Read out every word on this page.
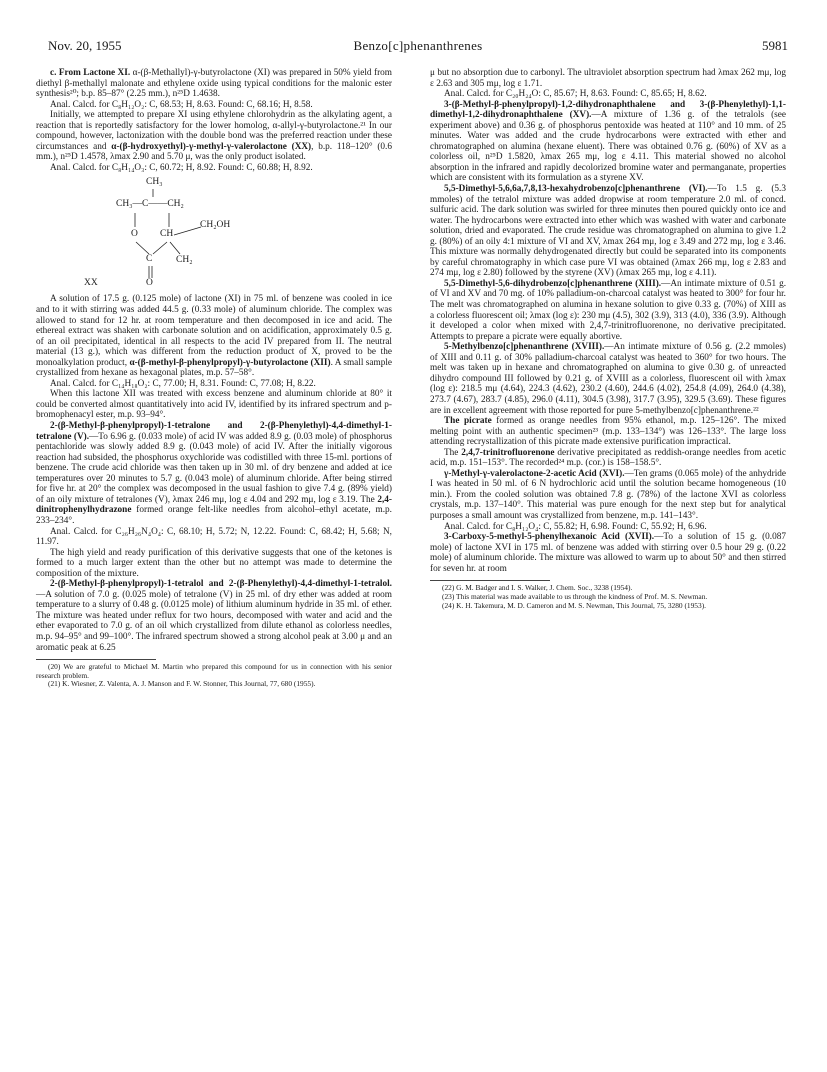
Nov. 20, 1955	Benzo[c]phenanthrenes	5981

c. From Lactone XI. α-(β-Methallyl)-γ-butyrolactone (XI) was prepared in 50% yield from diethyl β-methallyl malonate and ethylene oxide using typical conditions for the malonic ester synthesis²⁰; b.p. 85–87° (2.25 mm.), n²⁵D 1.4638.

Anal. Calcd. for C₈H₁₂O₂: C, 68.53; H, 8.63. Found: C, 68.16; H, 8.58.

Initially, we attempted to prepare XI using ethylene chlorohydrin as the alkylating agent, a reaction that is reportedly satisfactory for the lower homolog, α-allyl-γ-butyrolactone.²¹ In our compound, however, lactonization with the double bond was the preferred reaction under these circumstances and α-(β-hydroxyethyl)-γ-methyl-γ-valerolactone (XX), b.p. 118–120° (0.6 mm.), n²⁵D 1.4578, λmax 2.90 and 5.70 μ, was the only product isolated.

Anal. Calcd. for C₈H₁₄O₃: C, 60.72; H, 8.92. Found: C, 60.88; H, 8.92.

CH₃
CH₃—C——CH₂
O CH
CH₂OH
C CH₂
XX	O

A solution of 17.5 g. (0.125 mole) of lactone (XI) in 75 ml. of benzene was cooled in ice and to it with stirring was added 44.5 g. (0.33 mole) of aluminum chloride. The complex was allowed to stand for 12 hr. at room temperature and then decomposed in ice and acid. The ethereal extract was shaken with carbonate solution and on acidification, approximately 0.5 g. of an oil precipitated, identical in all respects to the acid IV prepared from II. The neutral material (13 g.), which was different from the reduction product of X, proved to be the monoalkylation product, α-(β-methyl-β-phenylpropyl)-γ-butyrolactone (XII). A small sample crystallized from hexane as hexagonal plates, m.p. 57–58°.

Anal. Calcd. for C₁₄H₁₈O₂: C, 77.00; H, 8.31. Found: C, 77.08; H, 8.22.

When this lactone XII was treated with excess benzene and aluminum chloride at 80° it could be converted almost quantitatively into acid IV, identified by its infrared spectrum and p-bromophenacyl ester, m.p. 93–94°.

2-(β-Methyl-β-phenylpropyl)-1-tetralone and 2-(β-Phenylethyl)-4,4-dimethyl-1-tetralone (V).—To 6.96 g. (0.033 mole) of acid IV was added 8.9 g. (0.03 mole) of phosphorus pentachloride was slowly added 8.9 g. (0.043 mole) of acid IV. After the initially vigorous reaction had subsided, the phosphorus oxychloride was codistilled with three 15-ml. portions of benzene. The crude acid chloride was then taken up in 30 ml. of dry benzene and added at ice temperatures over 20 minutes to 5.7 g. (0.043 mole) of aluminum chloride. After being stirred for five hr. at 20° the complex was decomposed in the usual fashion to give 7.4 g. (89% yield) of an oily mixture of tetralones (V), λmax 246 mμ, log ε 4.04 and 292 mμ, log ε 3.19. The 2,4-dinitrophenylhydrazone formed orange felt-like needles from alcohol–ethyl acetate, m.p. 233–234°.

Anal. Calcd. for C₂₆H₂₆N₄O₄: C, 68.10; H, 5.72; N, 12.22. Found: C, 68.42; H, 5.68; N, 11.97.

The high yield and ready purification of this derivative suggests that one of the ketones is formed to a much larger extent than the other but no attempt was made to determine the composition of the mixture.

2-(β-Methyl-β-phenylpropyl)-1-tetralol and 2-(β-Phenylethyl)-4,4-dimethyl-1-tetralol.—A solution of 7.0 g. (0.025 mole) of tetralone (V) in 25 ml. of dry ether was added at room temperature to a slurry of 0.48 g. (0.0125 mole) of lithium aluminum hydride in 35 ml. of ether. The mixture was heated under reflux for two hours, decomposed with water and acid and the ether evaporated to 7.0 g. of an oil which crystallized from dilute ethanol as colorless needles, m.p. 94–95° and 99–100°. The infrared spectrum showed a strong alcohol peak at 3.00 μ and an aromatic peak at 6.25

(20) We are grateful to Michael M. Martin who prepared this compound for us in connection with his senior research problem.

(21) K. Wiesner, Z. Valenta, A. J. Manson and F. W. Stonner, This Journal, 77, 680 (1955).

μ but no absorption due to carbonyl. The ultraviolet absorption spectrum had λmax 262 mμ, log ε 2.63 and 305 mμ, log ε 1.71.

Anal. Calcd. for C₂₀H₂₄O: C, 85.67; H, 8.63. Found: C, 85.65; H, 8.62.

3-(β-Methyl-β-phenylpropyl)-1,2-dihydronaphthalene and 3-(β-Phenylethyl)-1,1-dimethyl-1,2-dihydronaphthalene (XV).—A mixture of 1.36 g. of the tetralols (see experiment above) and 0.36 g. of phosphorus pentoxide was heated at 110° and 10 mm. of 25 minutes. Water was added and the crude hydrocarbons were extracted with ether and chromatographed on alumina (hexane eluent). There was obtained 0.76 g. (60%) of XV as a colorless oil, n²⁵D 1.5820, λmax 265 mμ, log ε 4.11. This material showed no alcohol absorption in the infrared and rapidly decolorized bromine water and permanganate, properties which are consistent with its formulation as a styrene XV.

5,5-Dimethyl-5,6,6a,7,8,13-hexahydrobenzo[c]phenanthrene (VI).—To 1.5 g. (5.3 mmoles) of the tetralol mixture was added dropwise at room temperature 2.0 ml. of concd. sulfuric acid. The dark solution was swirled for three minutes then poured quickly onto ice and water. The hydrocarbons were extracted into ether which was washed with water and carbonate solution, dried and evaporated. The crude residue was chromatographed on alumina to give 1.2 g. (80%) of an oily 4:1 mixture of VI and XV, λmax 264 mμ, log ε 3.49 and 272 mμ, log ε 3.46. This mixture was normally dehydrogenated directly but could be separated into its components by careful chromatography in which case pure VI was obtained (λmax 266 mμ, log ε 2.83 and 274 mμ, log ε 2.80) followed by the styrene (XV) (λmax 265 mμ, log ε 4.11).

5,5-Dimethyl-5,6-dihydrobenzo[c]phenanthrene (XIII).—An intimate mixture of 0.51 g. of VI and XV and 70 mg. of 10% palladium-on-charcoal catalyst was heated to 300° for four hr. The melt was chromatographed on alumina in hexane solution to give 0.33 g. (70%) of XIII as a colorless fluorescent oil; λmax (log ε): 230 mμ (4.5), 302 (3.9), 313 (4.0), 336 (3.9). Although it developed a color when mixed with 2,4,7-trinitrofluorenone, no derivative precipitated. Attempts to prepare a picrate were equally abortive.

5-Methylbenzo[c]phenanthrene (XVIII).—An intimate mixture of 0.56 g. (2.2 mmoles) of XIII and 0.11 g. of 30% palladium-charcoal catalyst was heated to 360° for two hours. The melt was taken up in hexane and chromatographed on alumina to give 0.30 g. of unreacted dihydro compound III followed by 0.21 g. of XVIII as a colorless, fluorescent oil with λmax (log ε): 218.5 mμ (4.64), 224.3 (4.62), 230.2 (4.60), 244.6 (4.02), 254.8 (4.09), 264.0 (4.38), 273.7 (4.67), 283.7 (4.85), 296.0 (4.11), 304.5 (3.98), 317.7 (3.95), 329.5 (3.69). These figures are in excellent agreement with those reported for pure 5-methylbenzo[c]phenanthrene.²²

The picrate formed as orange needles from 95% ethanol, m.p. 125–126°. The mixed melting point with an authentic specimen²³ (m.p. 133–134°) was 126–133°. The large loss attending recrystallization of this picrate made extensive purification impractical.

The 2,4,7-trinitrofluorenone derivative precipitated as reddish-orange needles from acetic acid, m.p. 151–153°. The recorded²⁴ m.p. (cor.) is 158–158.5°.

γ-Methyl-γ-valerolactone-2-acetic Acid (XVI).—Ten grams (0.065 mole) of the anhydride I was heated in 50 ml. of 6 N hydrochloric acid until the solution became homogeneous (10 min.). From the cooled solution was obtained 7.8 g. (78%) of the lactone XVI as colorless crystals, m.p. 137–140°. This material was pure enough for the next step but for analytical purposes a small amount was crystallized from benzene, m.p. 141–143°.

Anal. Calcd. for C₈H₁₂O₄: C, 55.82; H, 6.98. Found: C, 55.92; H, 6.96.

3-Carboxy-5-methyl-5-phenylhexanoic Acid (XVII).—To a solution of 15 g. (0.087 mole) of lactone XVI in 175 ml. of benzene was added with stirring over 0.5 hour 29 g. (0.22 mole) of aluminum chloride. The mixture was allowed to warm up to about 50° and then stirred for seven hr. at room

(22) G. M. Badger and I. S. Walker, J. Chem. Soc., 3238 (1954).

(23) This material was made available to us through the kindness of Prof. M. S. Newman.

(24) K. H. Takemura, M. D. Cameron and M. S. Newman, This Journal, 75, 3280 (1953).
